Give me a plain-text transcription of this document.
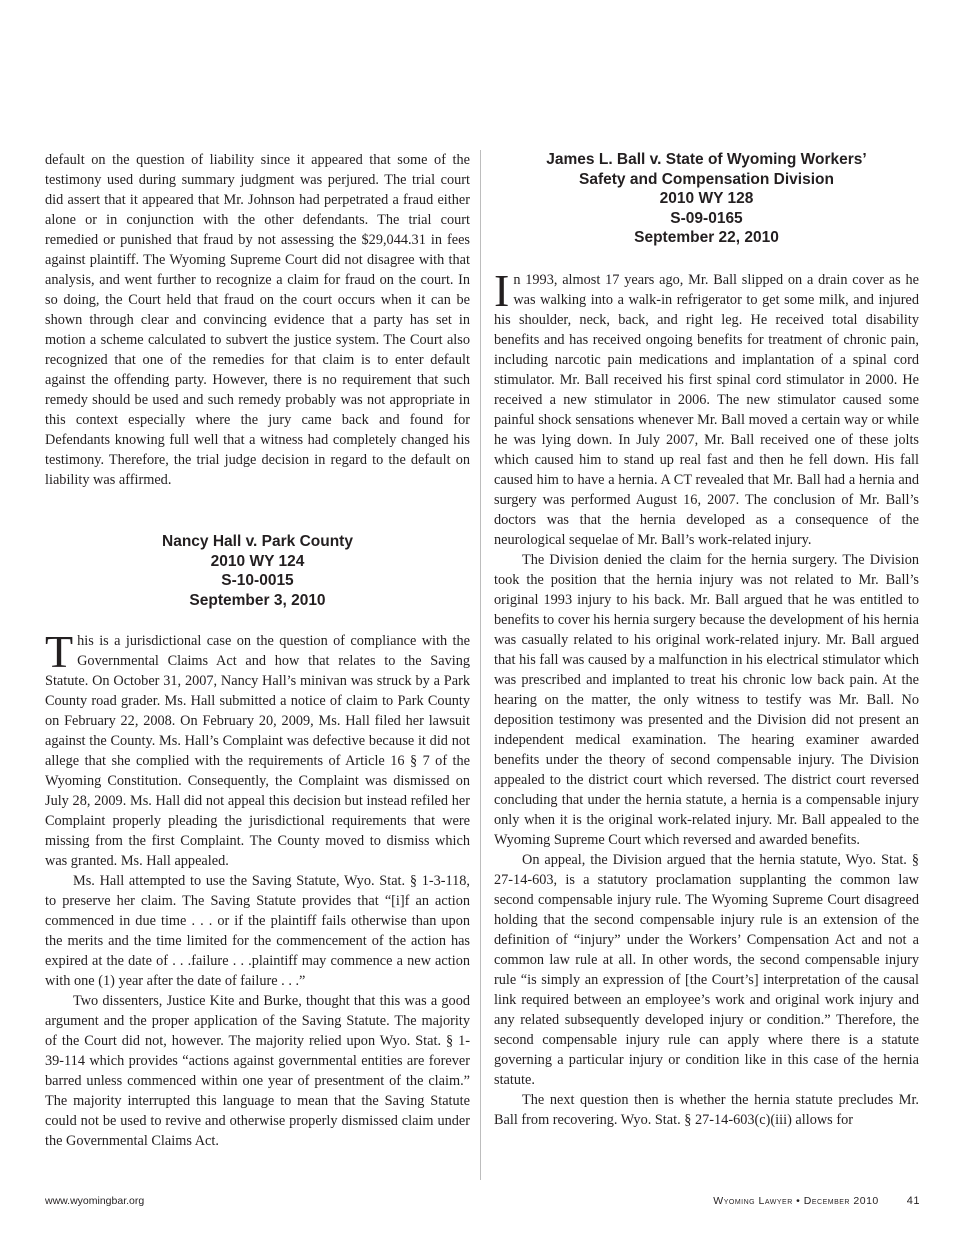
default on the question of liability since it appeared that some of the testimony used during summary judgment was perjured. The trial court did assert that it appeared that Mr. Johnson had perpetrated a fraud either alone or in conjunction with the other defendants. The trial court remedied or punished that fraud by not assessing the $29,044.31 in fees against plaintiff. The Wyoming Supreme Court did not disagree with that analysis, and went further to recognize a claim for fraud on the court. In so doing, the Court held that fraud on the court occurs when it can be shown through clear and convincing evidence that a party has set in motion a scheme calculated to subvert the justice system. The Court also recognized that one of the remedies for that claim is to enter default against the offending party. However, there is no requirement that such remedy should be used and such remedy probably was not appropriate in this context especially where the jury came back and found for Defendants knowing full well that a witness had completely changed his testimony. Therefore, the trial judge decision in regard to the default on liability was affirmed.

Nancy Hall v. Park County
2010 WY 124
S-10-0015
September 3, 2010

This is a jurisdictional case on the question of compliance with the Governmental Claims Act and how that relates to the Saving Statute. On October 31, 2007, Nancy Hall’s minivan was struck by a Park County road grader. Ms. Hall submitted a notice of claim to Park County on February 22, 2008. On February 20, 2009, Ms. Hall filed her lawsuit against the County. Ms. Hall’s Complaint was defective because it did not allege that she complied with the requirements of Article 16 § 7 of the Wyoming Constitution. Consequently, the Complaint was dismissed on July 28, 2009. Ms. Hall did not appeal this decision but instead refiled her Complaint properly pleading the jurisdictional requirements that were missing from the first Complaint. The County moved to dismiss which was granted. Ms. Hall appealed.

Ms. Hall attempted to use the Saving Statute, Wyo. Stat. § 1-3-118, to preserve her claim. The Saving Statute provides that “[i]f an action commenced in due time . . . or if the plaintiff fails otherwise than upon the merits and the time limited for the commencement of the action has expired at the date of . . .failure . . .plaintiff may commence a new action with one (1) year after the date of failure . . .”

Two dissenters, Justice Kite and Burke, thought that this was a good argument and the proper application of the Saving Statute. The majority of the Court did not, however. The majority relied upon Wyo. Stat. § 1-39-114 which provides “actions against governmental entities are forever barred unless commenced within one year of presentment of the claim.” The majority interrupted this language to mean that the Saving Statute could not be used to revive and otherwise properly dismissed claim under the Governmental Claims Act.

James L. Ball v. State of Wyoming Workers’
Safety and Compensation Division
2010 WY 128
S-09-0165
September 22, 2010

In 1993, almost 17 years ago, Mr. Ball slipped on a drain cover as he was walking into a walk-in refrigerator to get some milk, and injured his shoulder, neck, back, and right leg. He received total disability benefits and has received ongoing benefits for treatment of chronic pain, including narcotic pain medications and implantation of a spinal cord stimulator. Mr. Ball received his first spinal cord stimulator in 2000. He received a new stimulator in 2006. The new stimulator caused some painful shock sensations whenever Mr. Ball moved a certain way or while he was lying down. In July 2007, Mr. Ball received one of these jolts which caused him to stand up real fast and then he fell down. His fall caused him to have a hernia. A CT revealed that Mr. Ball had a hernia and surgery was performed August 16, 2007. The conclusion of Mr. Ball’s doctors was that the hernia developed as a consequence of the neurological sequelae of Mr. Ball’s work-related injury.

The Division denied the claim for the hernia surgery. The Division took the position that the hernia injury was not related to Mr. Ball’s original 1993 injury to his back. Mr. Ball argued that he was entitled to benefits to cover his hernia surgery because the development of his hernia was casually related to his original work-related injury. Mr. Ball argued that his fall was caused by a malfunction in his electrical stimulator which was prescribed and implanted to treat his chronic low back pain. At the hearing on the matter, the only witness to testify was Mr. Ball. No deposition testimony was presented and the Division did not present an independent medical examination. The hearing examiner awarded benefits under the theory of second compensable injury. The Division appealed to the district court which reversed. The district court reversed concluding that under the hernia statute, a hernia is a compensable injury only when it is the original work-related injury. Mr. Ball appealed to the Wyoming Supreme Court which reversed and awarded benefits.

On appeal, the Division argued that the hernia statute, Wyo. Stat. § 27-14-603, is a statutory proclamation supplanting the common law second compensable injury rule. The Wyoming Supreme Court disagreed holding that the second compensable injury rule is an extension of the definition of “injury” under the Workers’ Compensation Act and not a common law rule at all. In other words, the second compensable injury rule “is simply an expression of [the Court’s] interpretation of the causal link required between an employee’s work and original work injury and any related subsequently developed injury or condition.” Therefore, the second compensable injury rule can apply where there is a statute governing a particular injury or condition like in this case of the hernia statute.

The next question then is whether the hernia statute precludes Mr. Ball from recovering. Wyo. Stat. § 27-14-603(c)(iii) allows for

www.wyomingbar.org	Wyoming Lawyer • December 2010	41
